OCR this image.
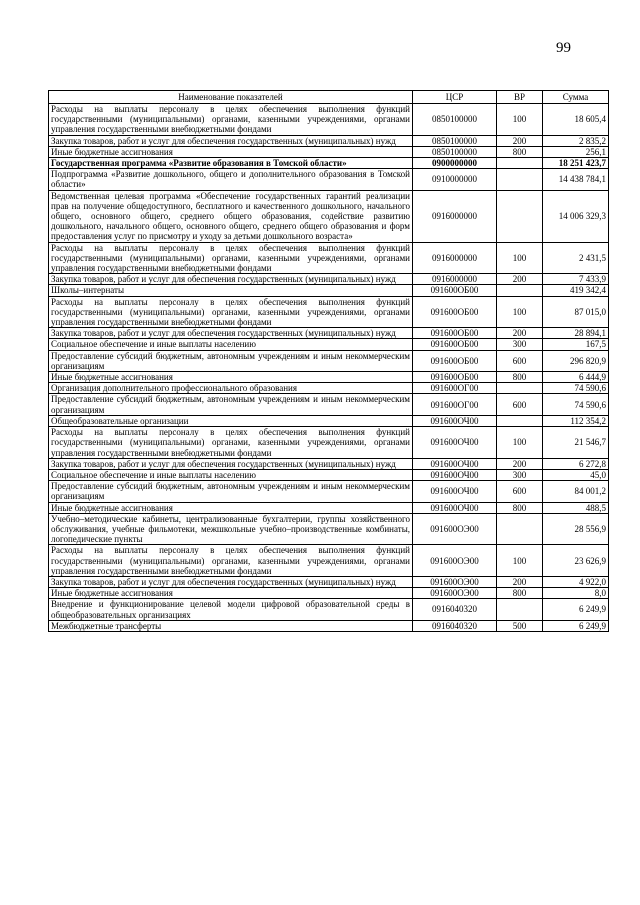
99
Наименование показателей	ЦСР	ВР	Сумма
Расходы на выплаты персоналу в целях обеспечения выполнения функций государственными (муниципальными) органами, казенными учреждениями, органами управления государственными внебюджетными фондами	0850100000	100	18 605,4
Закупка товаров, работ и услуг для обеспечения государственных (муниципальных) нужд	0850100000	200	2 835,2
Иные бюджетные ассигнования	0850100000	800	256,1
Государственная программа «Развитие образования в Томской области»	0900000000		18 251 423,7
Подпрограмма «Развитие дошкольного, общего и дополнительного образования в Томской области»	0910000000		14 438 784,1
Ведомственная целевая программа «Обеспечение государственных гарантий реализации прав на получение общедоступного, бесплатного и качественного дошкольного, начального общего, основного общего, среднего общего образования, содействие развитию дошкольного, начального общего, основного общего, среднего общего образования и форм предоставления услуг по присмотру и уходу за детьми дошкольного возраста»	0916000000		14 006 329,3
Расходы на выплаты персоналу в целях обеспечения выполнения функций государственными (муниципальными) органами, казенными учреждениями, органами управления государственными внебюджетными фондами	0916000000	100	2 431,5
Закупка товаров, работ и услуг для обеспечения государственных (муниципальных) нужд	0916000000	200	7 433,9
Школы–интернаты	091600ОБ00		419 342,4
Расходы на выплаты персоналу в целях обеспечения выполнения функций государственными (муниципальными) органами, казенными учреждениями, органами управления государственными внебюджетными фондами	091600ОБ00	100	87 015,0
Закупка товаров, работ и услуг для обеспечения государственных (муниципальных) нужд	091600ОБ00	200	28 894,1
Социальное обеспечение и иные выплаты населению	091600ОБ00	300	167,5
Предоставление субсидий бюджетным, автономным учреждениям и иным некоммерческим организациям	091600ОБ00	600	296 820,9
Иные бюджетные ассигнования	091600ОБ00	800	6 444,9
Организация дополнительного профессионального образования	091600ОГ00		74 590,6
Предоставление субсидий бюджетным, автономным учреждениям и иным некоммерческим организациям	091600ОГ00	600	74 590,6
Общеобразовательные организации	091600ОЧ00		112 354,2
Расходы на выплаты персоналу в целях обеспечения выполнения функций государственными (муниципальными) органами, казенными учреждениями, органами управления государственными внебюджетными фондами	091600ОЧ00	100	21 546,7
Закупка товаров, работ и услуг для обеспечения государственных (муниципальных) нужд	091600ОЧ00	200	6 272,8
Социальное обеспечение и иные выплаты населению	091600ОЧ00	300	45,0
Предоставление субсидий бюджетным, автономным учреждениям и иным некоммерческим организациям	091600ОЧ00	600	84 001,2
Иные бюджетные ассигнования	091600ОЧ00	800	488,5
Учебно–методические кабинеты, централизованные бухгалтерии, группы хозяйственного обслуживания, учебные фильмотеки, межшкольные учебно–производственные комбинаты, логопедические пункты	091600ОЭ00		28 556,9
Расходы на выплаты персоналу в целях обеспечения выполнения функций государственными (муниципальными) органами, казенными учреждениями, органами управления государственными внебюджетными фондами	091600ОЭ00	100	23 626,9
Закупка товаров, работ и услуг для обеспечения государственных (муниципальных) нужд	091600ОЭ00	200	4 922,0
Иные бюджетные ассигнования	091600ОЭ00	800	8,0
Внедрение и функционирование целевой модели цифровой образовательной среды в общеобразовательных организациях	0916040320		6 249,9
Межбюджетные трансферты	0916040320	500	6 249,9
